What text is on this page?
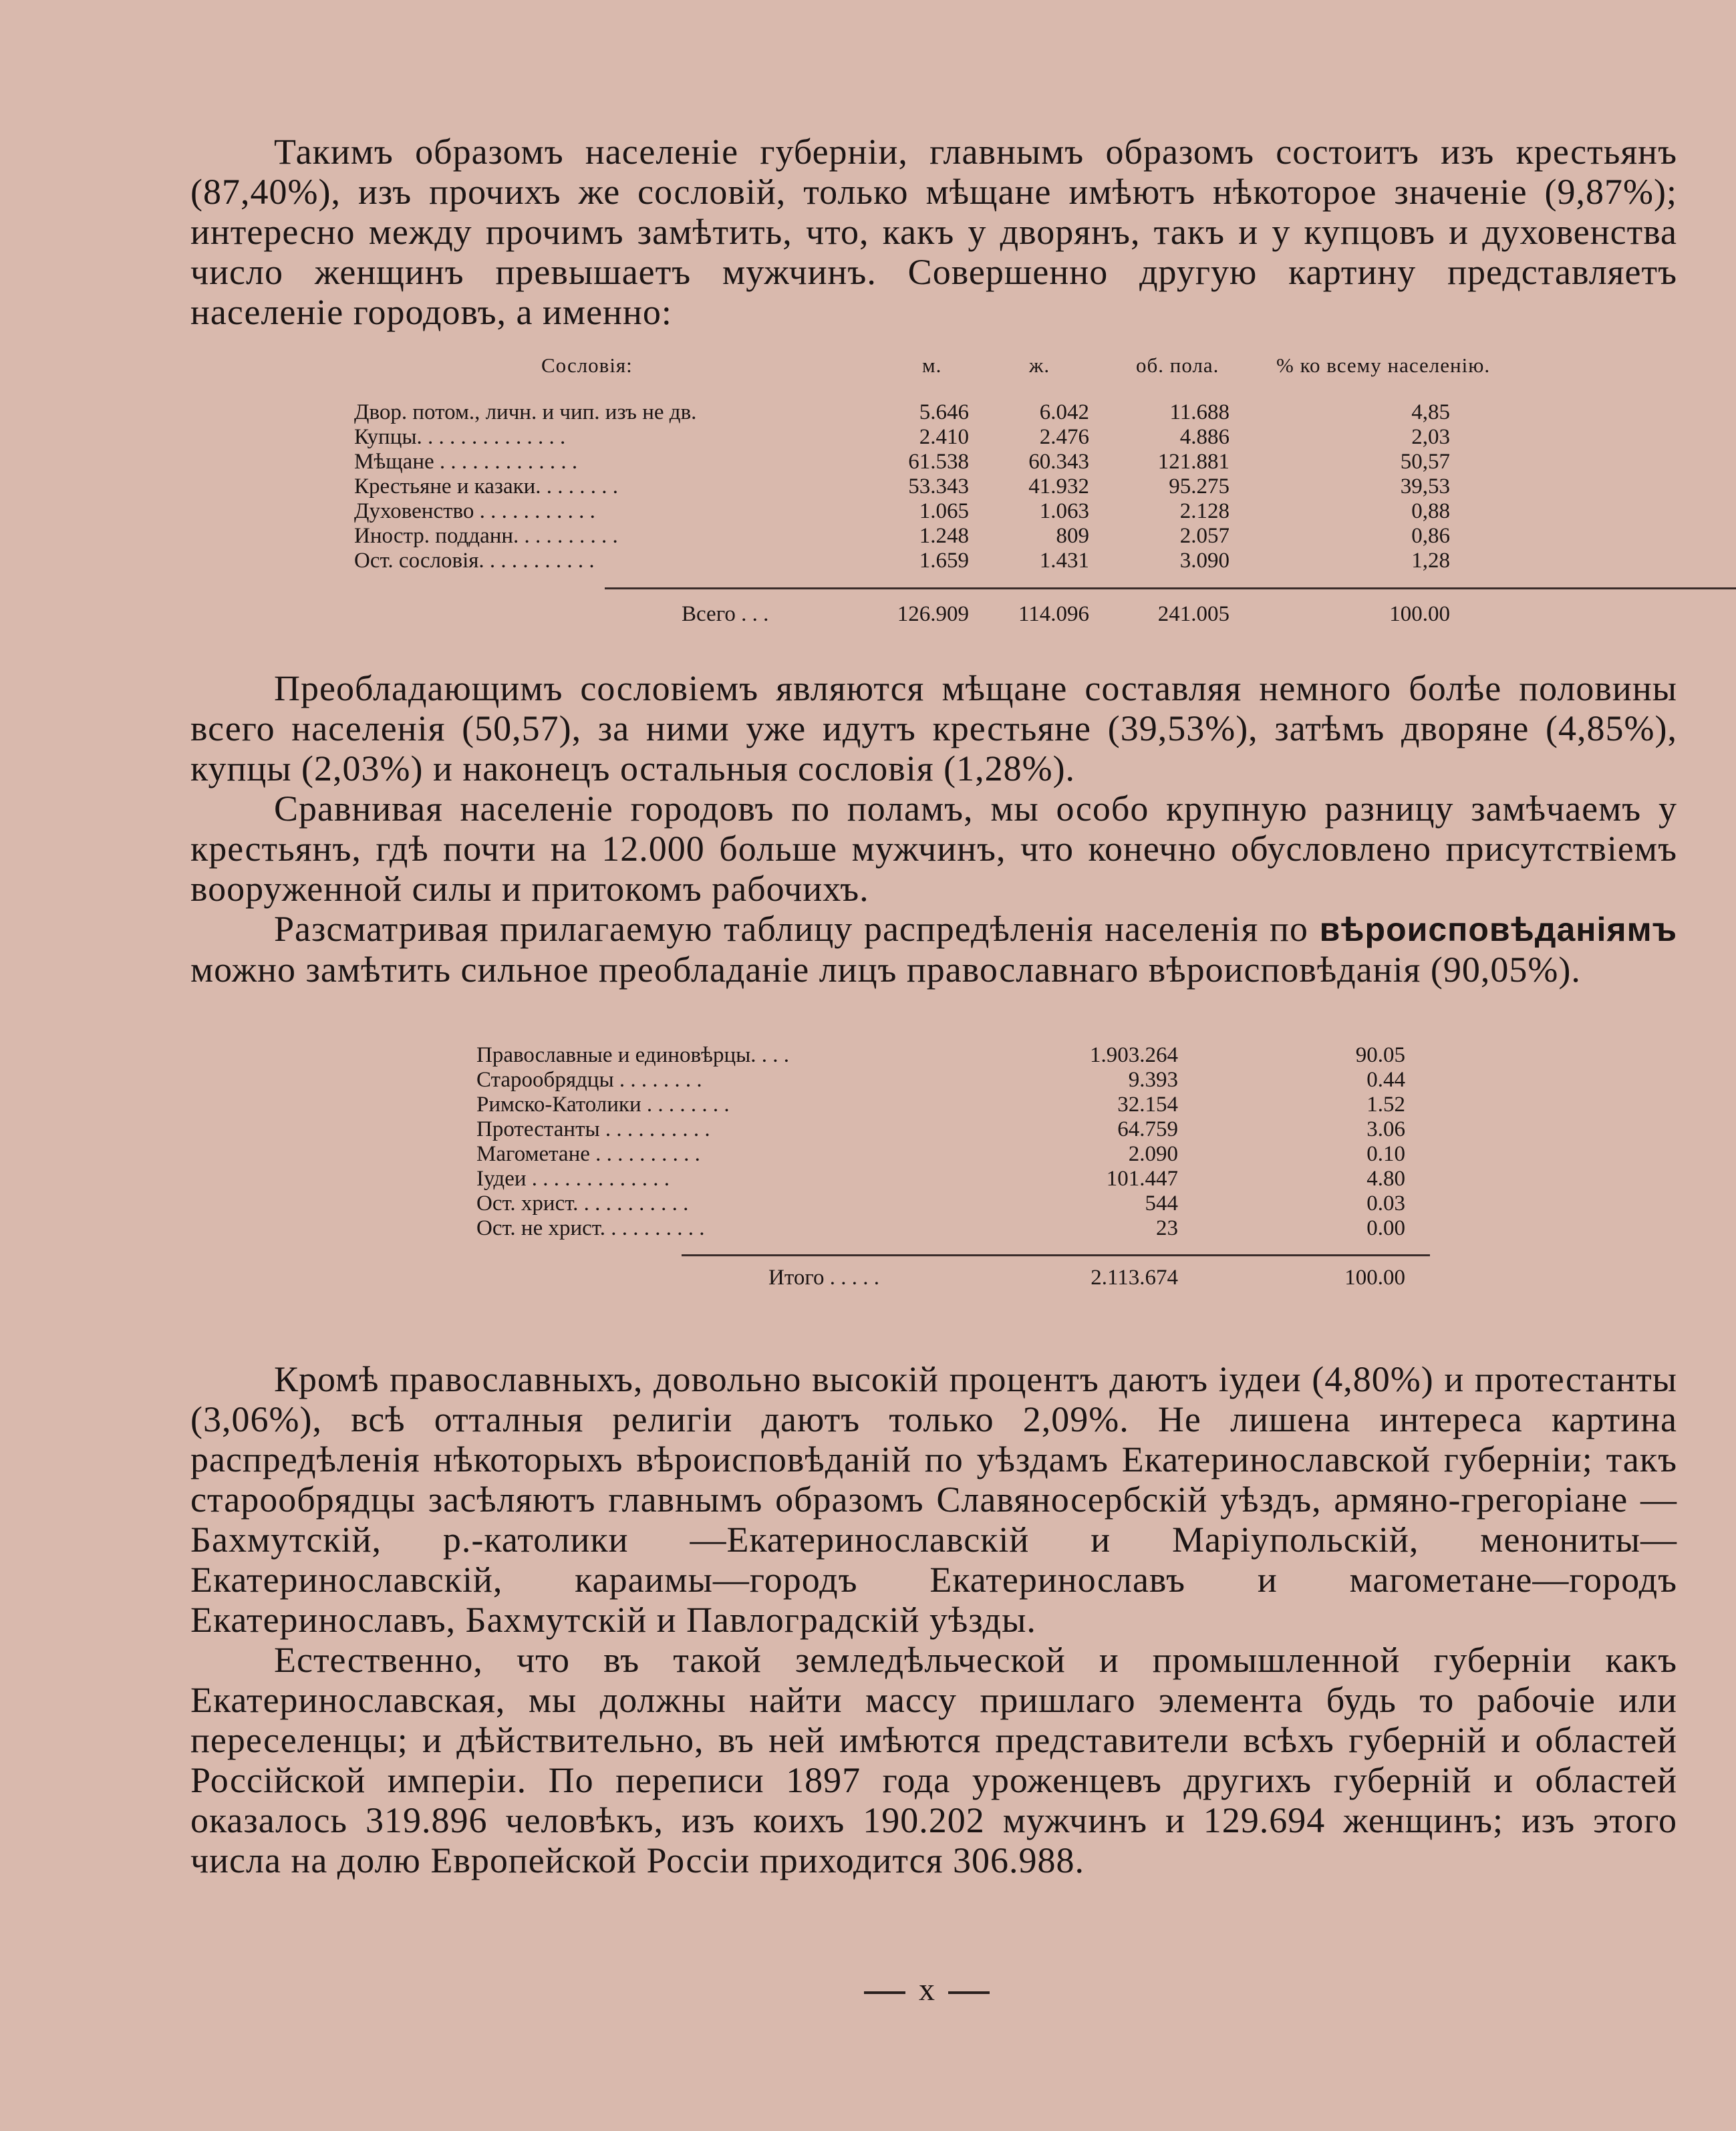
Такимъ образомъ населеніе губерніи, главнымъ образомъ состоитъ изъ крестьянъ (87,40%), изъ прочихъ же сословій, только мѣщане имѣютъ нѣкоторое значеніе (9,87%); интересно между прочимъ замѣтить, что, какъ у дворянъ, такъ и у купцовъ и духовенства число женщинъ превышаетъ мужчинъ. Совершенно другую картину представляетъ населеніе городовъ, а именно:

Сословія:	м.	ж.	об. пола.	% ко всему населенію.
Двор. потом., личн. и чип. изъ не дв.	5.646	6.042	11.688	4,85
Купцы. . . . . . . . . . . . . .	2.410	2.476	4.886	2,03
Мѣщане . . . . . . . . . . . . .	61.538	60.343	121.881	50,57
Крестьяне и казаки. . . . . . . .	53.343	41.932	95.275	39,53
Духовенство . . . . . . . . . . .	1.065	1.063	2.128	0,88
Иностр. подданн. . . . . . . . . .	1.248	809	2.057	0,86
Ост. сословія. . . . . . . . . . .	1.659	1.431	3.090	1,28
Всего . . .	126.909	114.096	241.005	100.00

Преобладающимъ сословіемъ являются мѣщане составляя немного болѣе половины всего населенія (50,57), за ними уже идутъ крестьяне (39,53%), затѣмъ дворяне (4,85%), купцы (2,03%) и наконецъ остальныя сословія (1,28%).

Сравнивая населеніе городовъ по поламъ, мы особо крупную разницу замѣчаемъ у крестьянъ, гдѣ почти на 12.000 больше мужчинъ, что конечно обусловлено присутствіемъ вооруженной силы и притокомъ рабочихъ.

Разсматривая прилагаемую таблицу распредѣленія населенія по вѣроисповѣданіямъ можно замѣтить сильное преобладаніе лицъ православнаго вѣроисповѣданія (90,05%).

Православные и единовѣрцы. . . .	1.903.264	90.05
Старообрядцы . . . . . . . .	9.393	0.44
Римско-Католики . . . . . . . .	32.154	1.52
Протестанты . . . . . . . . . .	64.759	3.06
Магометане . . . . . . . . . .	2.090	0.10
Іудеи . . . . . . . . . . . . .	101.447	4.80
Ост. христ. . . . . . . . . . .	544	0.03
Ост. не христ. . . . . . . . . .	23	0.00
Итого . . . . .	2.113.674	100.00

Кромѣ православныхъ, довольно высокій процентъ даютъ іудеи (4,80%) и протестанты (3,06%), всѣ отталныя религіи даютъ только 2,09%. Не лишена интереса картина распредѣленія нѣкоторыхъ вѣроисповѣданій по уѣздамъ Екатеринославской губерніи; такъ старообрядцы засѣляютъ главнымъ образомъ Славяносербскій уѣздъ, армяно-грегоріане —Бахмутскій, р.-католики —Екатеринославскій и Маріупольскій, менониты—Екатеринославскій, караимы—городъ Екатеринославъ и магометане—городъ Екатеринославъ, Бахмутскій и Павлоградскій уѣзды.

Естественно, что въ такой земледѣльческой и промышленной губерніи какъ Екатеринославская, мы должны найти массу пришлаго элемента будь то рабочіе или переселенцы; и дѣйствительно, въ ней имѣются представители всѣхъ губерній и областей Россійской имперіи. По переписи 1897 года уроженцевъ другихъ губерній и областей оказалось 319.896 человѣкъ, изъ коихъ 190.202 мужчинъ и 129.694 женщинъ; изъ этого числа на долю Европейской Россіи приходится 306.988.

x
